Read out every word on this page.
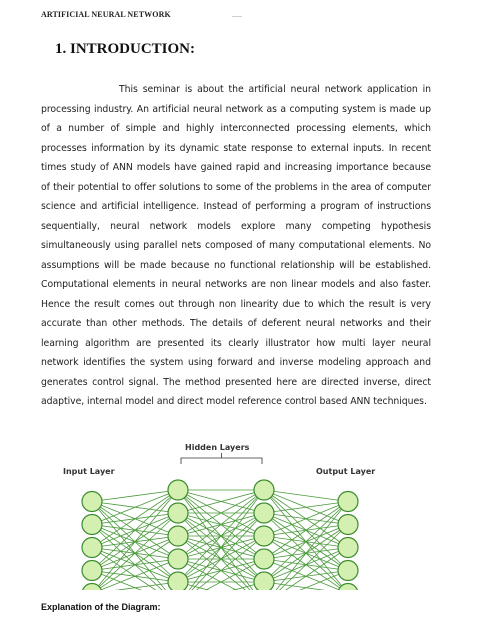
ARTIFICIAL NEURAL NETWORK
1. INTRODUCTION:

This seminar is about the artificial neural network application in processing industry. An artificial neural network as a computing system is made up of a number of simple and highly interconnected processing elements, which processes information by its dynamic state response to external inputs. In recent times study of ANN models have gained rapid and increasing importance because of their potential to offer solutions to some of the problems in the area of computer science and artificial intelligence. Instead of performing a program of instructions sequentially, neural network models explore many competing hypothesis simultaneously using parallel nets composed of many computational elements. No assumptions will be made because no functional relationship will be established. Computational elements in neural networks are non linear models and also faster. Hence the result comes out through non linearity due to which the result is very accurate than other methods. The details of deferent neural networks and their learning algorithm are presented its clearly illustrator how multi layer neural network identifies the system using forward and inverse modeling approach and generates control signal. The method presented here are directed inverse, direct adaptive, internal model and direct model reference control based ANN techniques.

Hidden Layers
Input Layer	Output Layer

Explanation of the Diagram:
